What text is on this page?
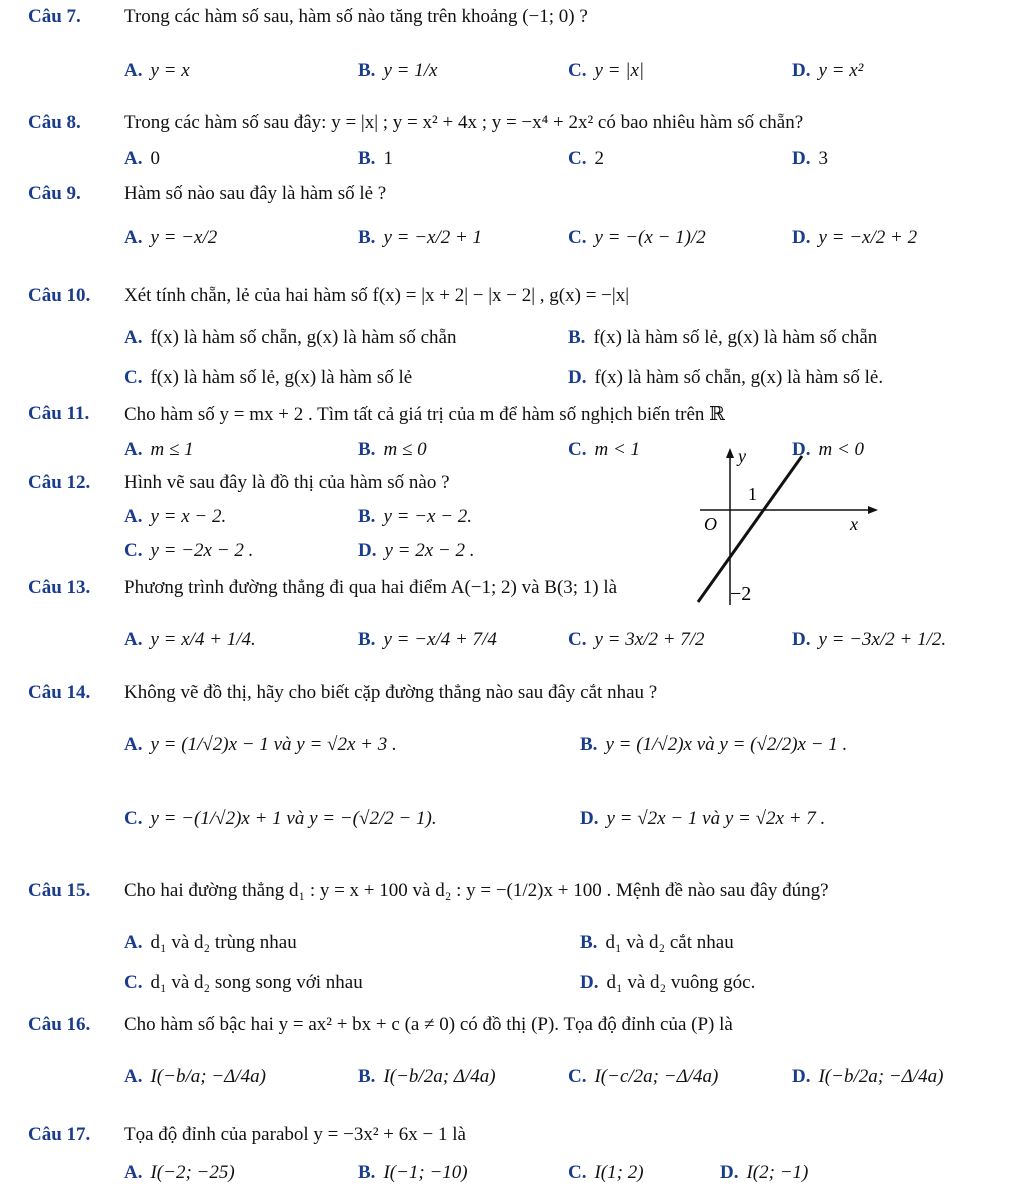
Câu 7. Trong các hàm số sau, hàm số nào tăng trên khoảng (−1; 0) ?
A. y = x	B. y = 1/x	C. y = |x|	D. y = x²
Câu 8. Trong các hàm số sau đây: y = |x| ; y = x² + 4x ; y = −x⁴ + 2x² có bao nhiêu hàm số chẵn?
A. 0	B. 1	C. 2	D. 3
Câu 9. Hàm số nào sau đây là hàm số lẻ ?
A. y = −x/2	B. y = −x/2 + 1	C. y = −(x − 1)/2	D. y = −x/2 + 2
Câu 10. Xét tính chẵn, lẻ của hai hàm số f(x) = |x + 2| − |x − 2| , g(x) = −|x|
A. f(x) là hàm số chẵn, g(x) là hàm số chẵn	B. f(x) là hàm số lẻ, g(x) là hàm số chẵn
C. f(x) là hàm số lẻ, g(x) là hàm số lẻ	D. f(x) là hàm số chẵn, g(x) là hàm số lẻ.
Câu 11. Cho hàm số y = mx + 2 . Tìm tất cả giá trị của m để hàm số nghịch biến trên ℝ
A. m ≤ 1	B. m ≤ 0	C. m < 1	D. m < 0
Câu 12. Hình vẽ sau đây là đồ thị của hàm số nào ?
A. y = x − 2.	B. y = −x − 2.
C. y = −2x − 2 .	D. y = 2x − 2 .
y
x
O
1
−2
Câu 13. Phương trình đường thẳng đi qua hai điểm A(−1; 2) và B(3; 1) là
A. y = x/4 + 1/4.	B. y = −x/4 + 7/4	C. y = 3x/2 + 7/2	D. y = −3x/2 + 1/2.
Câu 14. Không vẽ đồ thị, hãy cho biết cặp đường thẳng nào sau đây cắt nhau ?
A. y = (1/√2)x − 1 và y = √2x + 3 .	B. y = (1/√2)x và y = (√2/2)x − 1 .
C. y = −(1/√2)x + 1 và y = −(√2/2 − 1).	D. y = √2x − 1 và y = √2x + 7 .
Câu 15. Cho hai đường thẳng d₁ : y = x + 100 và d₂ : y = −(1/2)x + 100 . Mệnh đề nào sau đây đúng?
A. d₁ và d₂ trùng nhau	B. d₁ và d₂ cắt nhau
C. d₁ và d₂ song song với nhau	D. d₁ và d₂ vuông góc.
Câu 16. Cho hàm số bậc hai y = ax² + bx + c (a ≠ 0) có đồ thị (P). Tọa độ đỉnh của (P) là
A. I(−b/a; −Δ/4a)	B. I(−b/2a; Δ/4a)	C. I(−c/2a; −Δ/4a)	D. I(−b/2a; −Δ/4a)
Câu 17. Tọa độ đỉnh của parabol y = −3x² + 6x − 1 là
A. I(−2; −25)	B. I(−1; −10)	C. I(1; 2)	D. I(2; −1)
